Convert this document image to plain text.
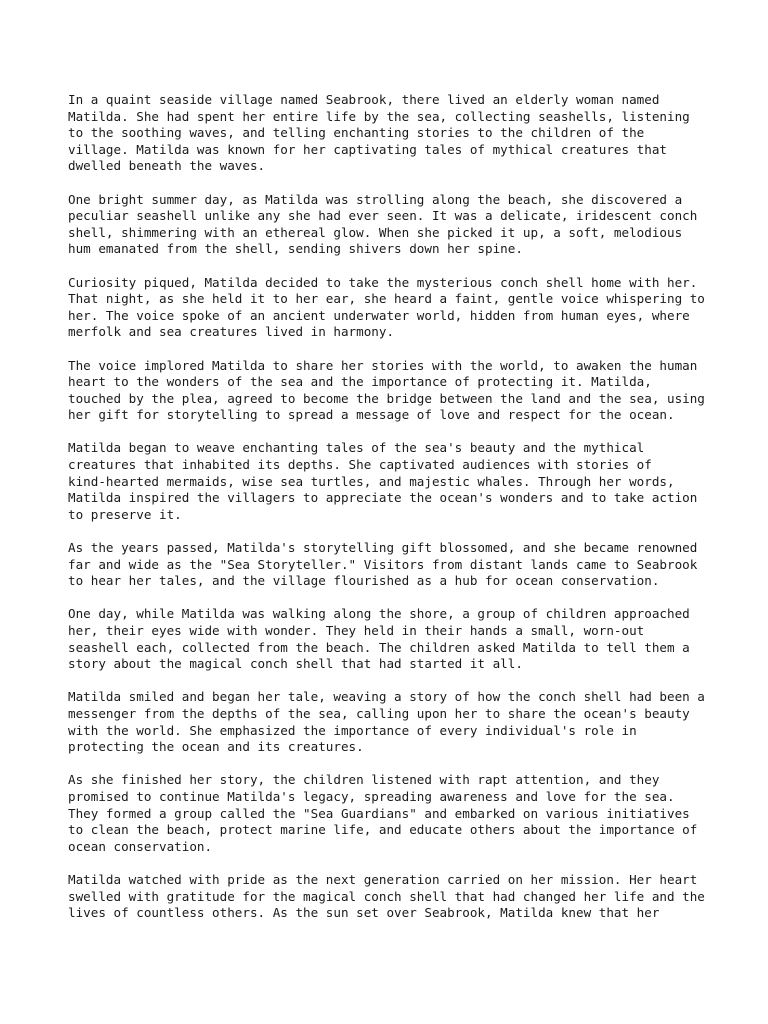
In a quaint seaside village named Seabrook, there lived an elderly woman named
Matilda. She had spent her entire life by the sea, collecting seashells, listening
to the soothing waves, and telling enchanting stories to the children of the
village. Matilda was known for her captivating tales of mythical creatures that
dwelled beneath the waves.
One bright summer day, as Matilda was strolling along the beach, she discovered a
peculiar seashell unlike any she had ever seen. It was a delicate, iridescent conch
shell, shimmering with an ethereal glow. When she picked it up, a soft, melodious
hum emanated from the shell, sending shivers down her spine.
Curiosity piqued, Matilda decided to take the mysterious conch shell home with her.
That night, as she held it to her ear, she heard a faint, gentle voice whispering to
her. The voice spoke of an ancient underwater world, hidden from human eyes, where
merfolk and sea creatures lived in harmony.
The voice implored Matilda to share her stories with the world, to awaken the human
heart to the wonders of the sea and the importance of protecting it. Matilda,
touched by the plea, agreed to become the bridge between the land and the sea, using
her gift for storytelling to spread a message of love and respect for the ocean.
Matilda began to weave enchanting tales of the sea's beauty and the mythical
creatures that inhabited its depths. She captivated audiences with stories of
kind-hearted mermaids, wise sea turtles, and majestic whales. Through her words,
Matilda inspired the villagers to appreciate the ocean's wonders and to take action
to preserve it.
As the years passed, Matilda's storytelling gift blossomed, and she became renowned
far and wide as the "Sea Storyteller." Visitors from distant lands came to Seabrook
to hear her tales, and the village flourished as a hub for ocean conservation.
One day, while Matilda was walking along the shore, a group of children approached
her, their eyes wide with wonder. They held in their hands a small, worn-out
seashell each, collected from the beach. The children asked Matilda to tell them a
story about the magical conch shell that had started it all.
Matilda smiled and began her tale, weaving a story of how the conch shell had been a
messenger from the depths of the sea, calling upon her to share the ocean's beauty
with the world. She emphasized the importance of every individual's role in
protecting the ocean and its creatures.
As she finished her story, the children listened with rapt attention, and they
promised to continue Matilda's legacy, spreading awareness and love for the sea.
They formed a group called the "Sea Guardians" and embarked on various initiatives
to clean the beach, protect marine life, and educate others about the importance of
ocean conservation.
Matilda watched with pride as the next generation carried on her mission. Her heart
swelled with gratitude for the magical conch shell that had changed her life and the
lives of countless others. As the sun set over Seabrook, Matilda knew that her
